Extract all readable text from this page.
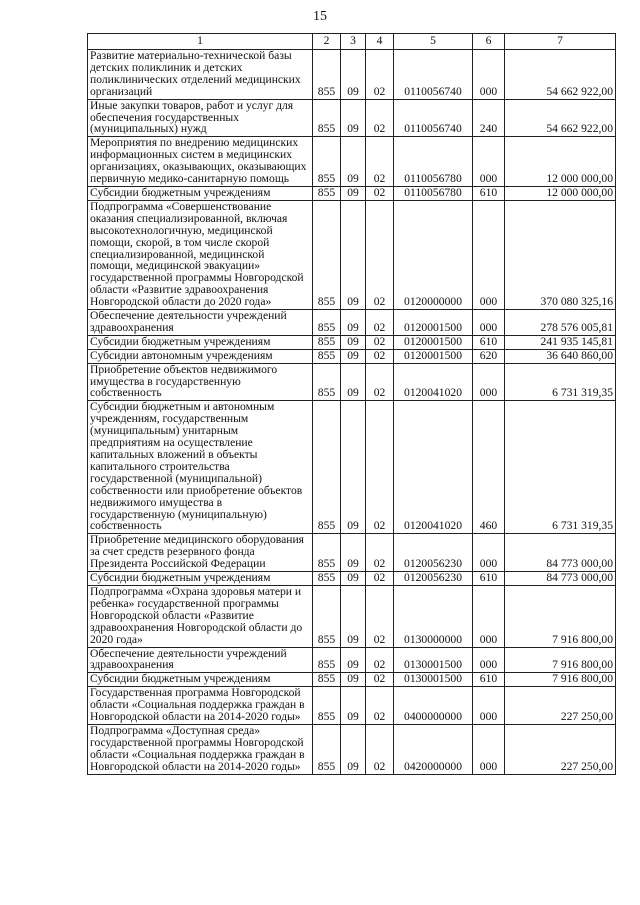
15
1	2	3	4	5	6	7
Развитие материально-технической базы детских поликлиник и детских поликлинических отделений медицинских организаций	855	09	02	0110056740	000	54 662 922,00
Иные закупки товаров, работ и услуг для обеспечения государственных (муниципальных) нужд	855	09	02	0110056740	240	54 662 922,00
Мероприятия по внедрению медицинских информационных систем в медицинских организациях, оказывающих, оказывающих первичную медико-санитарную помощь	855	09	02	0110056780	000	12 000 000,00
Субсидии бюджетным учреждениям	855	09	02	0110056780	610	12 000 000,00
Подпрограмма «Совершенствование оказания специализированной, включая высокотехнологичную, медицинской помощи, скорой, в том числе скорой специализированной, медицинской помощи, медицинской эвакуации» государственной программы Новгородской области «Развитие здравоохранения Новгородской области до 2020 года»	855	09	02	0120000000	000	370 080 325,16
Обеспечение деятельности учреждений здравоохранения	855	09	02	0120001500	000	278 576 005,81
Субсидии бюджетным учреждениям	855	09	02	0120001500	610	241 935 145,81
Субсидии автономным учреждениям	855	09	02	0120001500	620	36 640 860,00
Приобретение объектов недвижимого имущества в государственную собственность	855	09	02	0120041020	000	6 731 319,35
Субсидии бюджетным и автономным учреждениям, государственным (муниципальным) унитарным предприятиям на осуществление капитальных вложений в объекты капитального строительства государственной (муниципальной) собственности или приобретение объектов недвижимого имущества в государственную (муниципальную) собственность	855	09	02	0120041020	460	6 731 319,35
Приобретение медицинского оборудования за счет средств резервного фонда Президента Российской Федерации	855	09	02	0120056230	000	84 773 000,00
Субсидии бюджетным учреждениям	855	09	02	0120056230	610	84 773 000,00
Подпрограмма «Охрана здоровья матери и ребенка» государственной программы Новгородской области «Развитие здравоохранения Новгородской области до 2020 года»	855	09	02	0130000000	000	7 916 800,00
Обеспечение деятельности учреждений здравоохранения	855	09	02	0130001500	000	7 916 800,00
Субсидии бюджетным учреждениям	855	09	02	0130001500	610	7 916 800,00
Государственная программа Новгородской области «Социальная поддержка граждан в Новгородской области на 2014-2020 годы»	855	09	02	0400000000	000	227 250,00
Подпрограмма «Доступная среда» государственной программы Новгородской области «Социальная поддержка граждан в Новгородской области на 2014-2020 годы»	855	09	02	0420000000	000	227 250,00
